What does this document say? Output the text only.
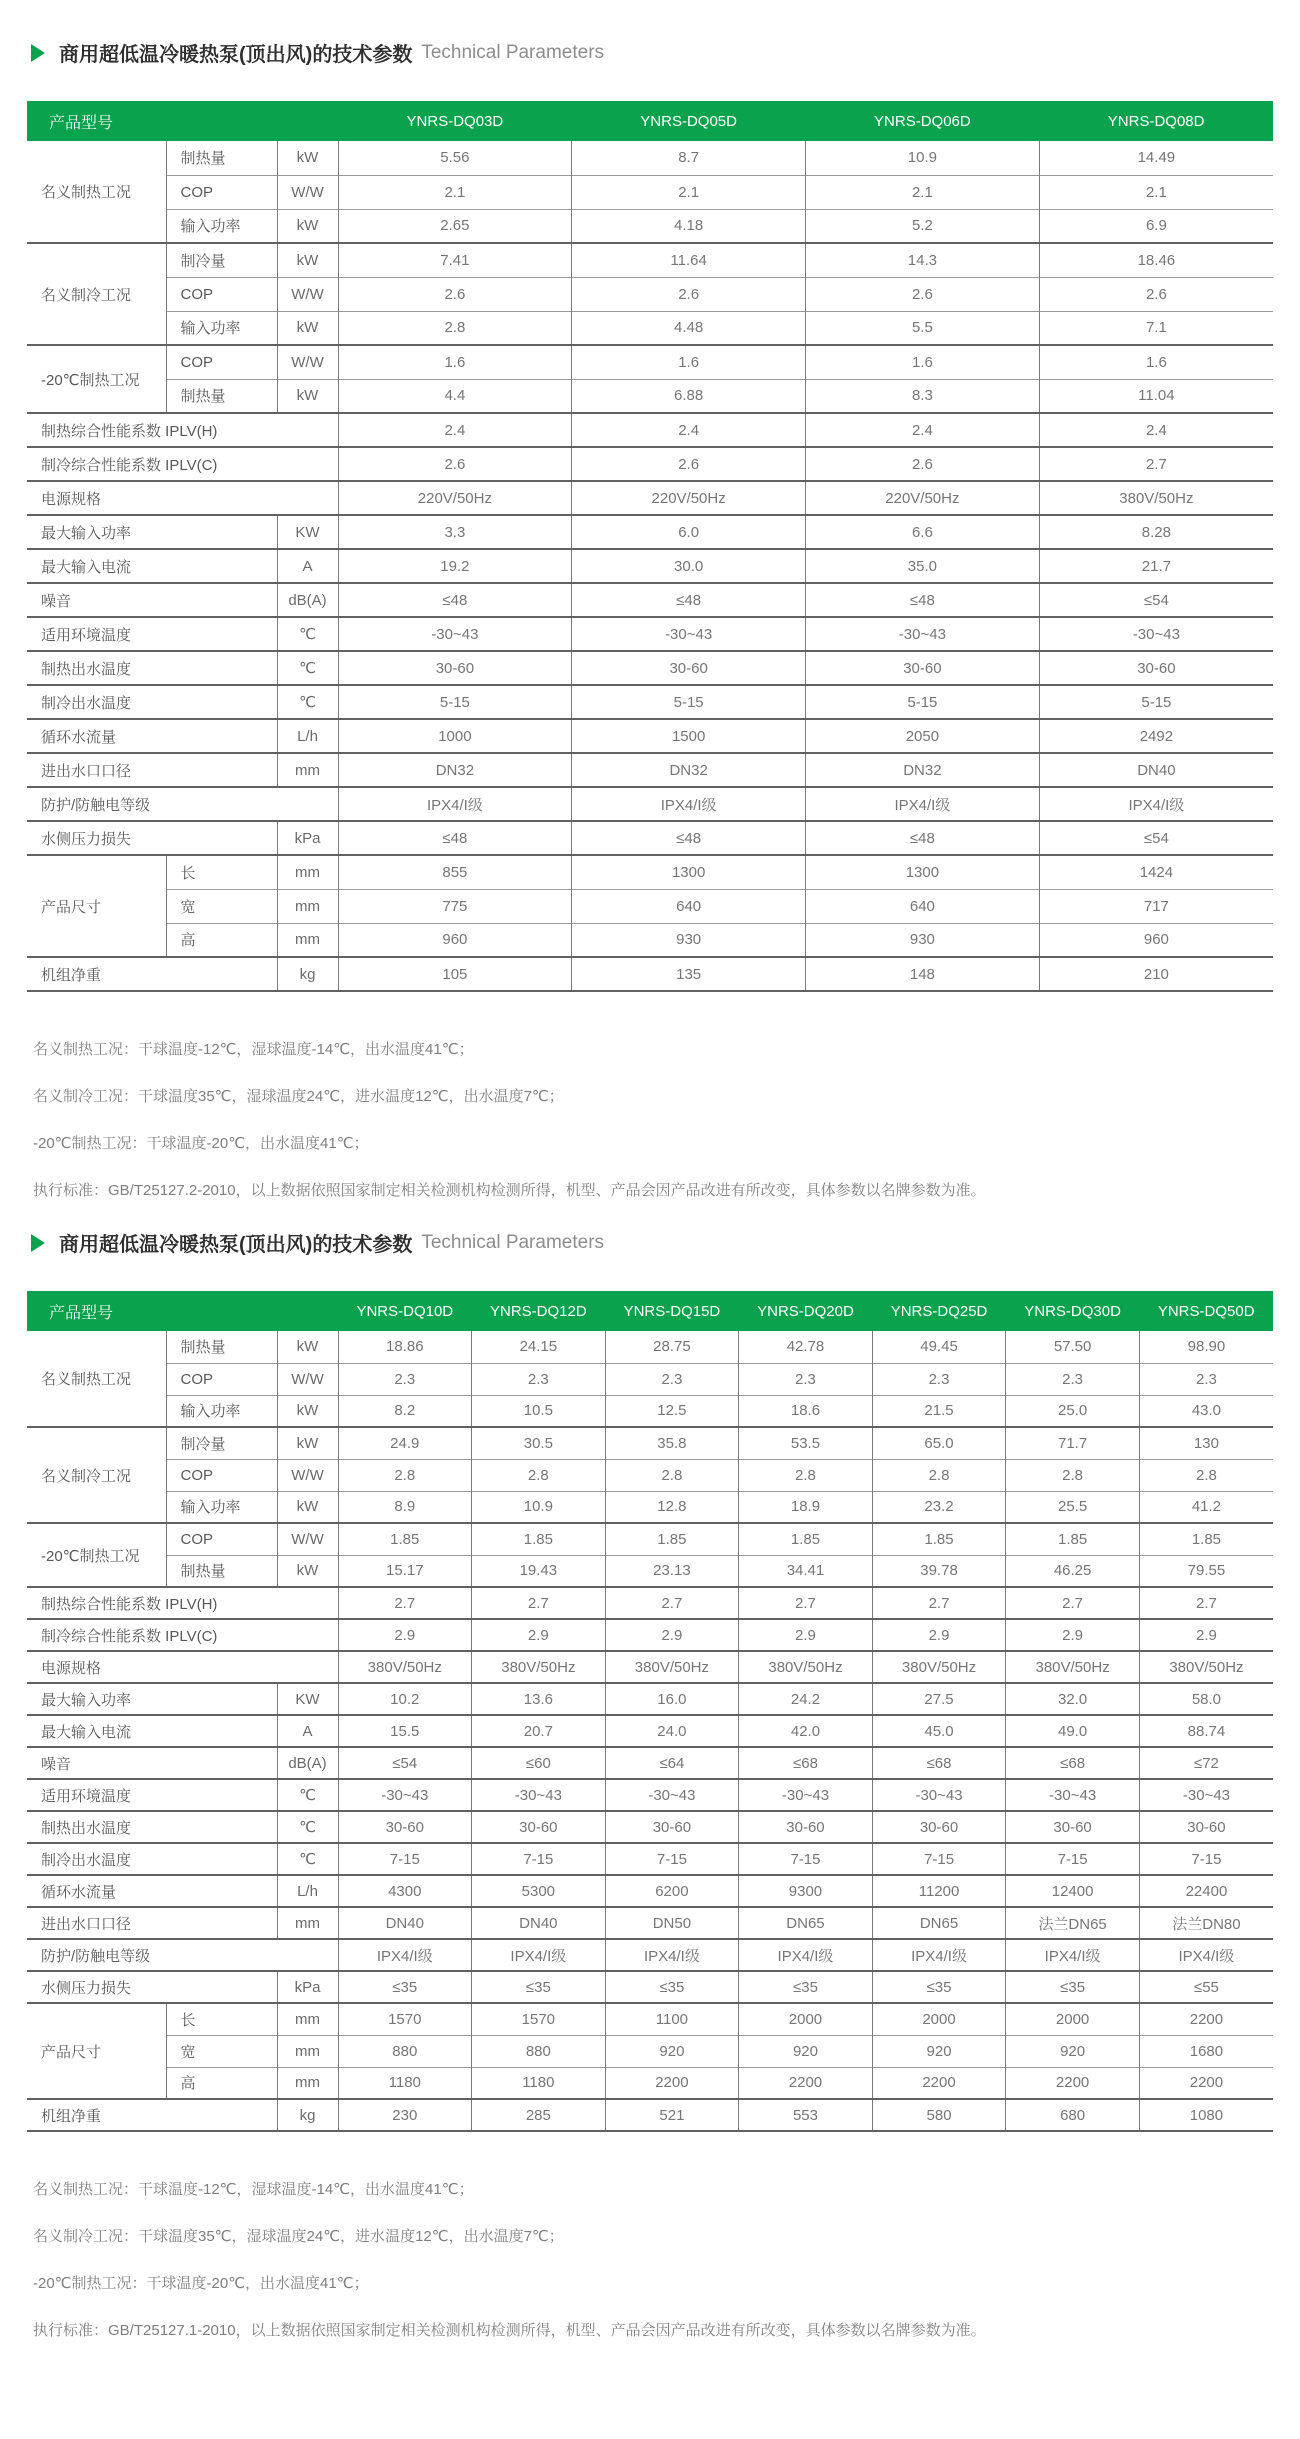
商用超低温冷暖热泵(顶出风)的技术参数 Technical Parameters
产品型号			YNRS-DQ03D	YNRS-DQ05D	YNRS-DQ06D	YNRS-DQ08D
名义制热工况	制热量	kW	5.56	8.7	10.9	14.49
	COP	W/W	2.1	2.1	2.1	2.1
	输入功率	kW	2.65	4.18	5.2	6.9
名义制冷工况	制冷量	kW	7.41	11.64	14.3	18.46
	COP	W/W	2.6	2.6	2.6	2.6
	输入功率	kW	2.8	4.48	5.5	7.1
-20℃制热工况	COP	W/W	1.6	1.6	1.6	1.6
	制热量	kW	4.4	6.88	8.3	11.04
制热综合性能系数 IPLV(H)			2.4	2.4	2.4	2.4
制冷综合性能系数 IPLV(C)			2.6	2.6	2.6	2.7
电源规格			220V/50Hz	220V/50Hz	220V/50Hz	380V/50Hz
最大输入功率		KW	3.3	6.0	6.6	8.28
最大输入电流		A	19.2	30.0	35.0	21.7
噪音		dB(A)	≤48	≤48	≤48	≤54
适用环境温度		℃	-30~43	-30~43	-30~43	-30~43
制热出水温度		℃	30-60	30-60	30-60	30-60
制冷出水温度		℃	5-15	5-15	5-15	5-15
循环水流量		L/h	1000	1500	2050	2492
进出水口口径		mm	DN32	DN32	DN32	DN40
防护/防触电等级			IPX4/I级	IPX4/I级	IPX4/I级	IPX4/I级
水侧压力损失		kPa	≤48	≤48	≤48	≤54
产品尺寸	长	mm	855	1300	1300	1424
	宽	mm	775	640	640	717
	高	mm	960	930	930	960
机组净重		kg	105	135	148	210

名义制热工况：干球温度-12℃，湿球温度-14℃，出水温度41℃；

名义制冷工况：干球温度35℃，湿球温度24℃，进水温度12℃，出水温度7℃；

-20℃制热工况：干球温度-20℃，出水温度41℃；

执行标准：GB/T25127.2-2010，以上数据依照国家制定相关检测机构检测所得，机型、产品会因产品改进有所改变，具体参数以名牌参数为准。

商用超低温冷暖热泵(顶出风)的技术参数 Technical Parameters
产品型号			YNRS-DQ10D	YNRS-DQ12D	YNRS-DQ15D	YNRS-DQ20D	YNRS-DQ25D	YNRS-DQ30D	YNRS-DQ50D
名义制热工况	制热量	kW	18.86	24.15	28.75	42.78	49.45	57.50	98.90
	COP	W/W	2.3	2.3	2.3	2.3	2.3	2.3	2.3
	输入功率	kW	8.2	10.5	12.5	18.6	21.5	25.0	43.0
名义制冷工况	制冷量	kW	24.9	30.5	35.8	53.5	65.0	71.7	130
	COP	W/W	2.8	2.8	2.8	2.8	2.8	2.8	2.8
	输入功率	kW	8.9	10.9	12.8	18.9	23.2	25.5	41.2
-20℃制热工况	COP	W/W	1.85	1.85	1.85	1.85	1.85	1.85	1.85
	制热量	kW	15.17	19.43	23.13	34.41	39.78	46.25	79.55
制热综合性能系数 IPLV(H)			2.7	2.7	2.7	2.7	2.7	2.7	2.7
制冷综合性能系数 IPLV(C)			2.9	2.9	2.9	2.9	2.9	2.9	2.9
电源规格			380V/50Hz	380V/50Hz	380V/50Hz	380V/50Hz	380V/50Hz	380V/50Hz	380V/50Hz
最大输入功率		KW	10.2	13.6	16.0	24.2	27.5	32.0	58.0
最大输入电流		A	15.5	20.7	24.0	42.0	45.0	49.0	88.74
噪音		dB(A)	≤54	≤60	≤64	≤68	≤68	≤68	≤72
适用环境温度		℃	-30~43	-30~43	-30~43	-30~43	-30~43	-30~43	-30~43
制热出水温度		℃	30-60	30-60	30-60	30-60	30-60	30-60	30-60
制冷出水温度		℃	7-15	7-15	7-15	7-15	7-15	7-15	7-15
循环水流量		L/h	4300	5300	6200	9300	11200	12400	22400
进出水口口径		mm	DN40	DN40	DN50	DN65	DN65	法兰DN65	法兰DN80
防护/防触电等级			IPX4/I级	IPX4/I级	IPX4/I级	IPX4/I级	IPX4/I级	IPX4/I级	IPX4/I级
水侧压力损失		kPa	≤35	≤35	≤35	≤35	≤35	≤35	≤55
产品尺寸	长	mm	1570	1570	1100	2000	2000	2000	2200
	宽	mm	880	880	920	920	920	920	1680
	高	mm	1180	1180	2200	2200	2200	2200	2200
机组净重		kg	230	285	521	553	580	680	1080

名义制热工况：干球温度-12℃，湿球温度-14℃，出水温度41℃；

名义制冷工况：干球温度35℃，湿球温度24℃，进水温度12℃，出水温度7℃；

-20℃制热工况：干球温度-20℃，出水温度41℃；

执行标准：GB/T25127.1-2010，以上数据依照国家制定相关检测机构检测所得，机型、产品会因产品改进有所改变，具体参数以名牌参数为准。
